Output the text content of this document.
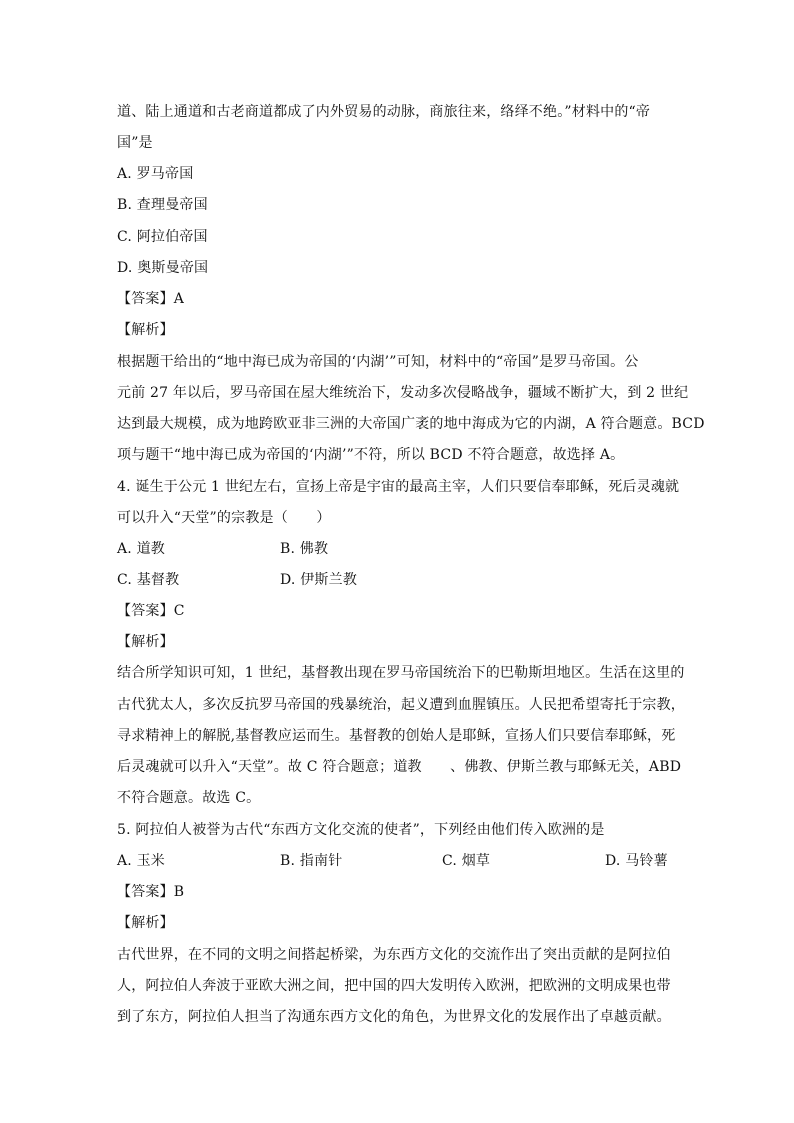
道、陆上通道和古老商道都成了内外贸易的动脉，商旅往来，络绎不绝。”材料中的“帝
国”是
A. 罗马帝国
B. 查理曼帝国
C. 阿拉伯帝国
D. 奥斯曼帝国
【答案】A
【解析】
根据题干给出的“地中海已成为帝国的‘内湖’”可知，材料中的“帝国”是罗马帝国。公
元前 27 年以后，罗马帝国在屋大维统治下，发动多次侵略战争，疆域不断扩大，到 2 世纪
达到最大规模，成为地跨欧亚非三洲的大帝国广袤的地中海成为它的内湖，A 符合题意。BCD
项与题干“地中海已成为帝国的‘内湖’”不符，所以 BCD 不符合题意，故选择 A。
4. 诞生于公元 1 世纪左右，宣扬上帝是宇宙的最高主宰，人们只要信奉耶稣，死后灵魂就
可以升入“天堂”的宗教是（　　）
A. 道教	B. 佛教
C. 基督教	D. 伊斯兰教
【答案】C
【解析】
结合所学知识可知，1 世纪，基督教出现在罗马帝国统治下的巴勒斯坦地区。生活在这里的
古代犹太人，多次反抗罗马帝国的残暴统治，起义遭到血腥镇压。人民把希望寄托于宗教，
寻求精神上的解脱,基督教应运而生。基督教的创始人是耶稣，宣扬人们只要信奉耶稣，死
后灵魂就可以升入“天堂”。故 C 符合题意；道教　　、佛教、伊斯兰教与耶稣无关，ABD
不符合题意。故选 C。
5. 阿拉伯人被誉为古代“东西方文化交流的使者”，下列经由他们传入欧洲的是
A. 玉米	B. 指南针	C. 烟草	D. 马铃薯
【答案】B
【解析】
古代世界，在不同的文明之间搭起桥梁，为东西方文化的交流作出了突出贡献的是阿拉伯
人，阿拉伯人奔波于亚欧大洲之间，把中国的四大发明传入欧洲，把欧洲的文明成果也带
到了东方，阿拉伯人担当了沟通东西方文化的角色，为世界文化的发展作出了卓越贡献。
